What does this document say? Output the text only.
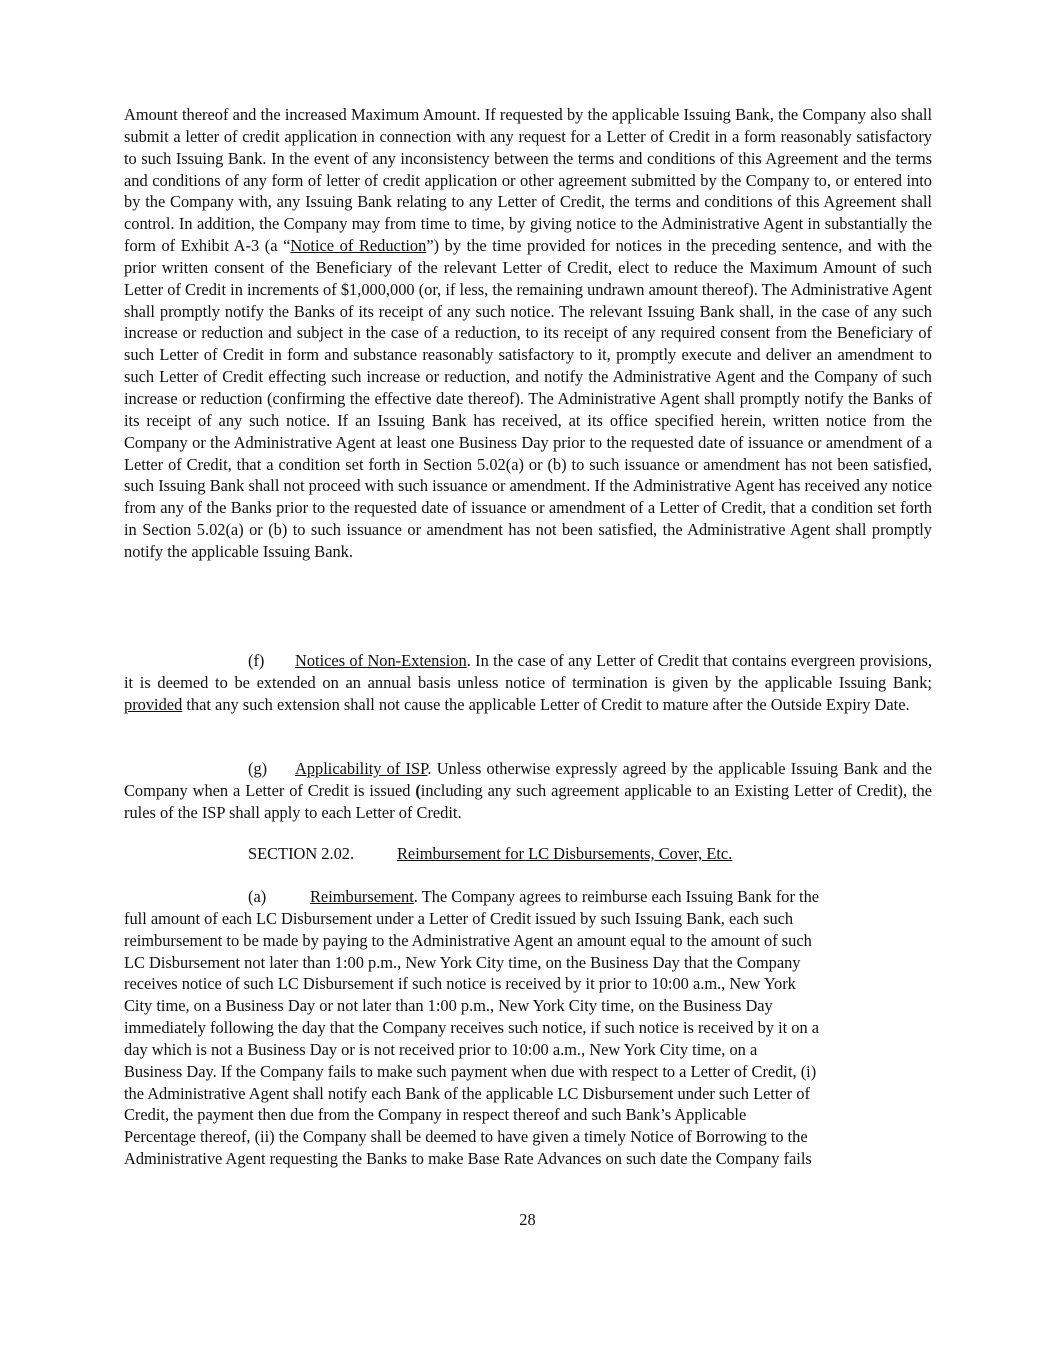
Amount thereof and the increased Maximum Amount. If requested by the applicable Issuing Bank, the Company also shall submit a letter of credit application in connection with any request for a Letter of Credit in a form reasonably satisfactory to such Issuing Bank. In the event of any inconsistency between the terms and conditions of this Agreement and the terms and conditions of any form of letter of credit application or other agreement submitted by the Company to, or entered into by the Company with, any Issuing Bank relating to any Letter of Credit, the terms and conditions of this Agreement shall control. In addition, the Company may from time to time, by giving notice to the Administrative Agent in substantially the form of Exhibit A-3 (a “Notice of Reduction”) by the time provided for notices in the preceding sentence, and with the prior written consent of the Beneficiary of the relevant Letter of Credit, elect to reduce the Maximum Amount of such Letter of Credit in increments of $1,000,000 (or, if less, the remaining undrawn amount thereof). The Administrative Agent shall promptly notify the Banks of its receipt of any such notice. The relevant Issuing Bank shall, in the case of any such increase or reduction and subject in the case of a reduction, to its receipt of any required consent from the Beneficiary of such Letter of Credit in form and substance reasonably satisfactory to it, promptly execute and deliver an amendment to such Letter of Credit effecting such increase or reduction, and notify the Administrative Agent and the Company of such increase or reduction (confirming the effective date thereof). The Administrative Agent shall promptly notify the Banks of its receipt of any such notice. If an Issuing Bank has received, at its office specified herein, written notice from the Company or the Administrative Agent at least one Business Day prior to the requested date of issuance or amendment of a Letter of Credit, that a condition set forth in Section 5.02(a) or (b) to such issuance or amendment has not been satisfied, such Issuing Bank shall not proceed with such issuance or amendment. If the Administrative Agent has received any notice from any of the Banks prior to the requested date of issuance or amendment of a Letter of Credit, that a condition set forth in Section 5.02(a) or (b) to such issuance or amendment has not been satisfied, the Administrative Agent shall promptly notify the applicable Issuing Bank.
(f) Notices of Non-Extension. In the case of any Letter of Credit that contains evergreen provisions, it is deemed to be extended on an annual basis unless notice of termination is given by the applicable Issuing Bank; provided that any such extension shall not cause the applicable Letter of Credit to mature after the Outside Expiry Date.
(g) Applicability of ISP. Unless otherwise expressly agreed by the applicable Issuing Bank and the Company when a Letter of Credit is issued (including any such agreement applicable to an Existing Letter of Credit), the rules of the ISP shall apply to each Letter of Credit.
SECTION 2.02.	Reimbursement for LC Disbursements, Cover, Etc.
(a)	Reimbursement. The Company agrees to reimburse each Issuing Bank for the
full amount of each LC Disbursement under a Letter of Credit issued by such Issuing Bank, each such
reimbursement to be made by paying to the Administrative Agent an amount equal to the amount of such
LC Disbursement not later than 1:00 p.m., New York City time, on the Business Day that the Company
receives notice of such LC Disbursement if such notice is received by it prior to 10:00 a.m., New York
City time, on a Business Day or not later than 1:00 p.m., New York City time, on the Business Day
immediately following the day that the Company receives such notice, if such notice is received by it on a
day which is not a Business Day or is not received prior to 10:00 a.m., New York City time, on a
Business Day. If the Company fails to make such payment when due with respect to a Letter of Credit, (i)
the Administrative Agent shall notify each Bank of the applicable LC Disbursement under such Letter of
Credit, the payment then due from the Company in respect thereof and such Bank’s Applicable
Percentage thereof, (ii) the Company shall be deemed to have given a timely Notice of Borrowing to the
Administrative Agent requesting the Banks to make Base Rate Advances on such date the Company fails
28
